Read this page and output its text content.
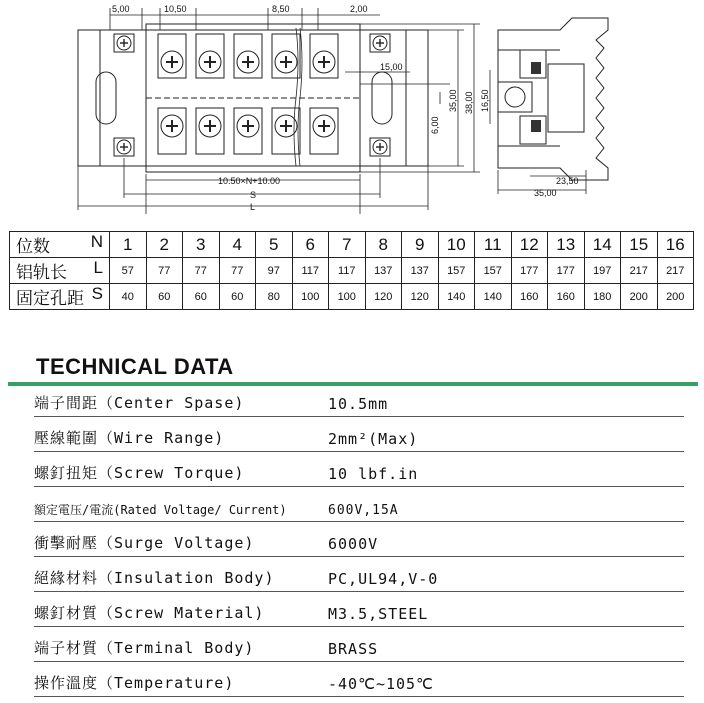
5,00	10,50	8,50	2,00
15,00
6,00
35,00 38,00 16,50
23,50
35,00
10.50×N+10.00
S
L
N
位数	1	2	3	4	5	6	7	8	9	10	11	12	13	14	15	16

L
铝轨长	57	77	77	77	97	117	117	137	137	157	157	177	177	197	217	217

S
固定孔距	40	60	60	60	80	100	100	120	120	140	140	160	160	180	200	200
TECHNICAL DATA
端子間距（Center Spase)	10.5mm
壓線範圍（Wire Range)	2mm²(Max)
螺釘扭矩（Screw Torque)	10 lbf.in
額定電压/電流(Rated Voltage/ Current)	600V,15A
衝擊耐壓（Surge Voltage)	6000V
絕緣材料（Insulation Body)	PC,UL94,V-0
螺釘材質（Screw Material)	M3.5,STEEL
端子材質（Terminal Body)	BRASS
操作溫度（Temperature)	-40℃~105℃
